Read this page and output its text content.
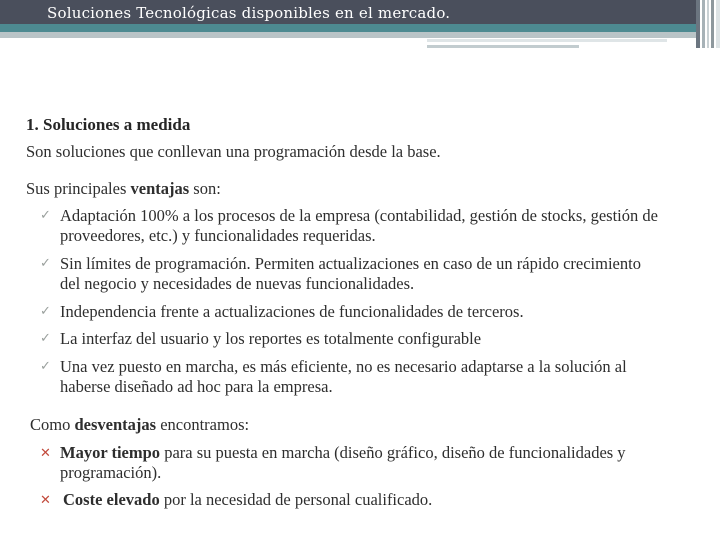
Soluciones Tecnológicas disponibles en el mercado.
1. Soluciones a medida
Son soluciones que conllevan una programación desde la base.
Sus principales ventajas son:
✓ Adaptación 100% a los procesos de la empresa (contabilidad, gestión de stocks, gestión de
proveedores, etc.) y funcionalidades requeridas.
✓ Sin límites de programación. Permiten actualizaciones en caso de un rápido crecimiento
del negocio y necesidades de nuevas funcionalidades.
✓ Independencia frente a actualizaciones de funcionalidades de terceros.
✓ La interfaz del usuario y los reportes es totalmente configurable
✓ Una vez puesto en marcha, es más eficiente, no es necesario adaptarse a la solución al
haberse diseñado ad hoc para la empresa.
Como desventajas encontramos:
✕ Mayor tiempo para su puesta en marcha (diseño gráfico, diseño de funcionalidades y
programación).
✕ Coste elevado por la necesidad de personal cualificado.
